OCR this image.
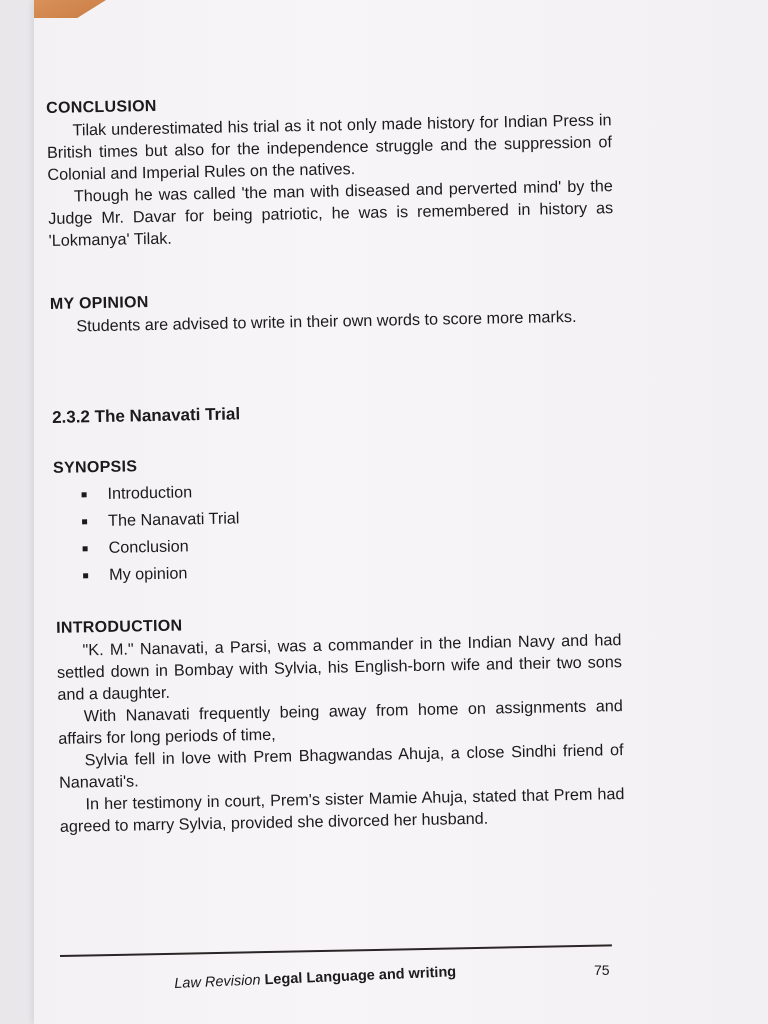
CONCLUSION

Tilak underestimated his trial as it not only made history for Indian Press in British times but also for the independence struggle and the suppression of Colonial and Imperial Rules on the natives.

Though he was called 'the man with diseased and perverted mind' by the Judge Mr. Davar for being patriotic, he was is remembered in history as 'Lokmanya' Tilak.

MY OPINION

Students are advised to write in their own words to score more marks.

2.3.2 The Nanavati Trial
SYNOPSIS
Introduction
The Nanavati Trial
Conclusion
My opinion
INTRODUCTION

"K. M." Nanavati, a Parsi, was a commander in the Indian Navy and had settled down in Bombay with Sylvia, his English-born wife and their two sons and a daughter.

With Nanavati frequently being away from home on assignments and affairs for long periods of time,

Sylvia fell in love with Prem Bhagwandas Ahuja, a close Sindhi friend of Nanavati's.

In her testimony in court, Prem's sister Mamie Ahuja, stated that Prem had agreed to marry Sylvia, provided she divorced her husband.

Law Revision Legal Language and writing	75
